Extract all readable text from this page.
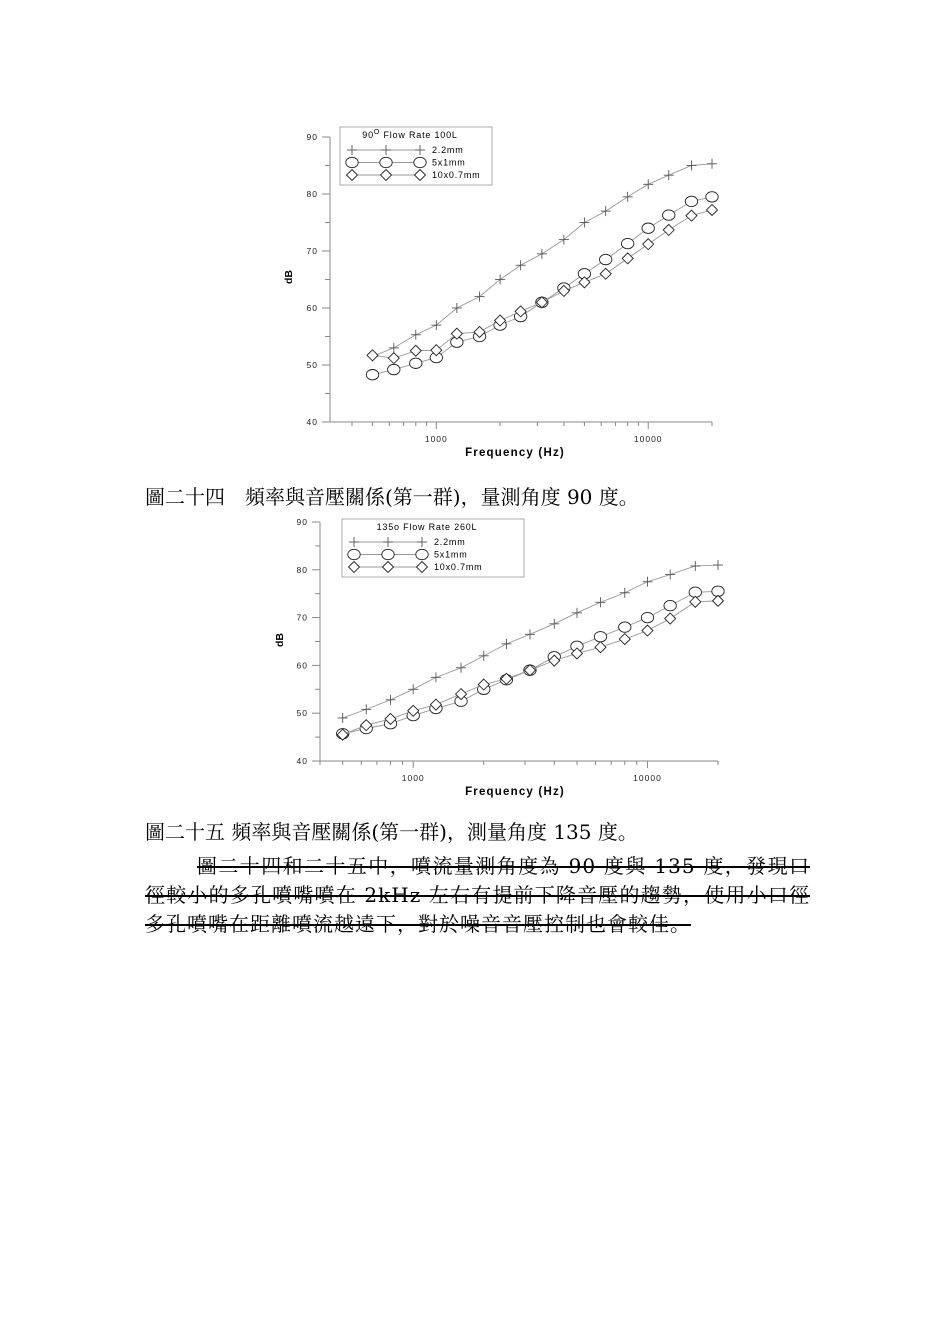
40
50
60
70
80
90
1000	10000
Frequency (Hz)
dB
$90^O$ Flow Rate 100L
2.2mm
5x1mm
10x0.7mm
圖二十四　頻率與音壓關係(第一群)，量測角度 90 度。
40
50
60
70
80
90
1000	10000
Frequency (Hz)
dB
135o Flow Rate 260L
2.2mm
5x1mm
10x0.7mm
圖二十五 頻率與音壓關係(第一群)，測量角度 135 度。
圖二十四和二十五中，噴流量測角度為 90 度與 135 度，發現口徑較小的多孔噴嘴噴在 2kHz 左右有提前下降音壓的趨勢，使用小口徑多孔噴嘴在距離噴流越遠下，對於噪音音壓控制也會較佳。
